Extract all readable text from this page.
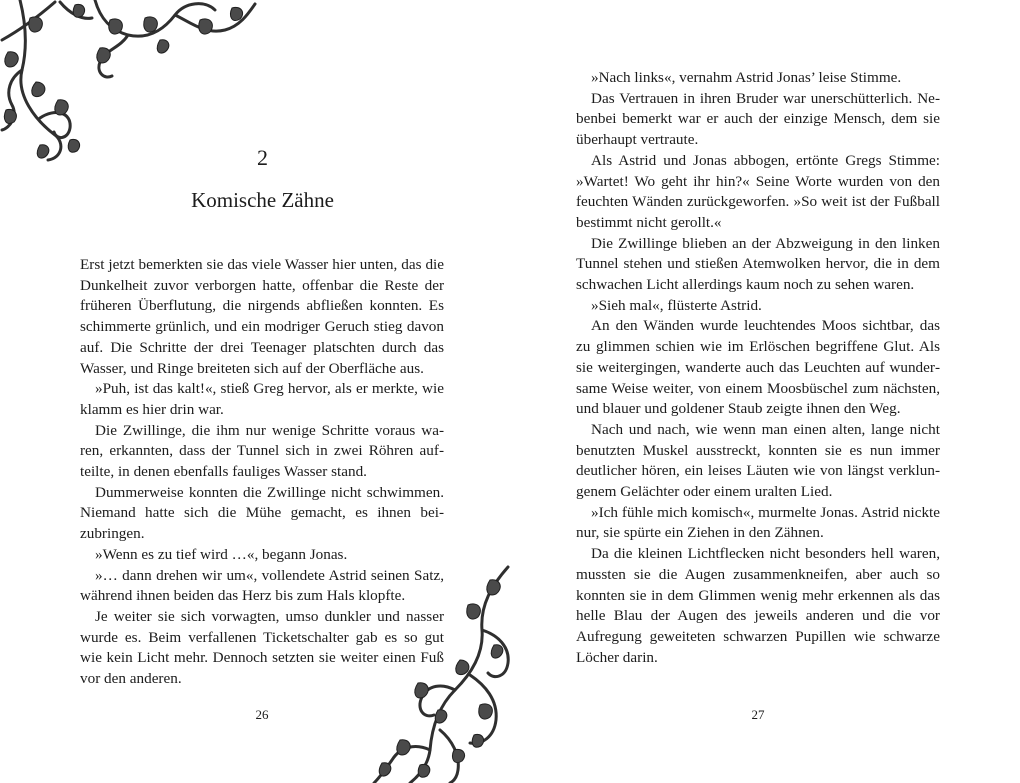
2
Komische Zähne

Erst jetzt bemerkten sie das viele Wasser hier unten, das die Dunkelheit zuvor verborgen hatte, offenbar die Reste der früheren Überflutung, die nirgends abfließen konnten. Es schimmerte grünlich, und ein modriger Geruch stieg davon auf. Die Schritte der drei Teenager platschten durch das Wasser, und Ringe breiteten sich auf der Oberfläche aus.

»Puh, ist das kalt!«, stieß Greg hervor, als er merkte, wie klamm es hier drin war.

Die Zwillinge, die ihm nur wenige Schritte voraus waren, erkannten, dass der Tunnel sich in zwei Röhren aufteilte, in denen ebenfalls fauliges Wasser stand.

Dummerweise konnten die Zwillinge nicht schwimmen. Niemand hatte sich die Mühe gemacht, es ihnen beizubringen.

»Wenn es zu tief wird …«, begann Jonas.

»… dann drehen wir um«, vollendete Astrid seinen Satz, während ihnen beiden das Herz bis zum Hals klopfte.

Je weiter sie sich vorwagten, umso dunkler und nasser wurde es. Beim verfallenen Ticketschalter gab es so gut wie kein Licht mehr. Dennoch setzten sie weiter einen Fuß vor den anderen.

26

»Nach links«, vernahm Astrid Jonas’ leise Stimme.

Das Vertrauen in ihren Bruder war unerschütterlich. Nebenbei bemerkt war er auch der einzige Mensch, dem sie überhaupt vertraute.

Als Astrid und Jonas abbogen, ertönte Gregs Stimme: »Wartet! Wo geht ihr hin?« Seine Worte wurden von den feuchten Wänden zurückgeworfen. »So weit ist der Fußball bestimmt nicht gerollt.«

Die Zwillinge blieben an der Abzweigung in den linken Tunnel stehen und stießen Atemwolken hervor, die in dem schwachen Licht allerdings kaum noch zu sehen waren.

»Sieh mal«, flüsterte Astrid.

An den Wänden wurde leuchtendes Moos sichtbar, das zu glimmen schien wie im Erlöschen begriffene Glut. Als sie weitergingen, wanderte auch das Leuchten auf wundersame Weise weiter, von einem Moosbüschel zum nächsten, und blauer und goldener Staub zeigte ihnen den Weg.

Nach und nach, wie wenn man einen alten, lange nicht benutzten Muskel ausstreckt, konnten sie es nun immer deutlicher hören, ein leises Läuten wie von längst verklungenem Gelächter oder einem uralten Lied.

»Ich fühle mich komisch«, murmelte Jonas. Astrid nickte nur, sie spürte ein Ziehen in den Zähnen.

Da die kleinen Lichtflecken nicht besonders hell waren, mussten sie die Augen zusammenkneifen, aber auch so konnten sie in dem Glimmen wenig mehr erkennen als das helle Blau der Augen des jeweils anderen und die vor Aufregung geweiteten schwarzen Pupillen wie schwarze Löcher darin.

27
